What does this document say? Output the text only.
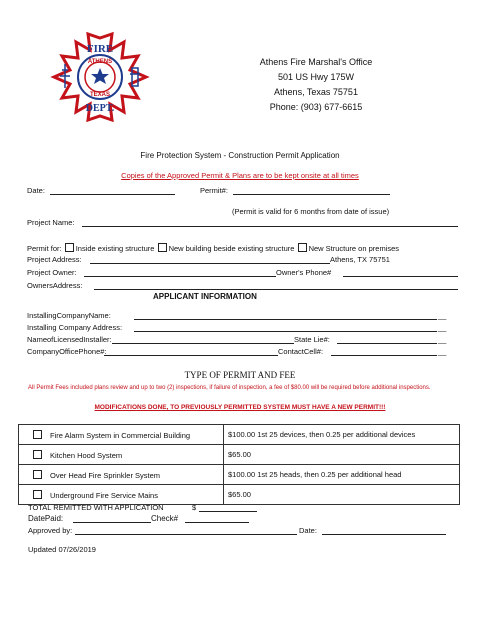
FIRE
ATHENS
TEXAS
DEPT.
Athens Fire Marshal's Office
501 US Hwy 175W
Athens, Texas 75751
Phone: (903) 677-6615
Fire Protection System - Construction Permit Application
Copies of the Approved Permit & Plans are to be kept onsite at all times
Date:	Permit#:
(Permit is valid for 6 months from date of issue)
Project Name:
Permit for: Inside existing structure New building beside existing structure New Structure on premises
Project Address:	Athens, TX 75751
Project Owner:	Owner's Phone#
OwnersAddress:
APPLICANT INFORMATION
InstallingCompanyName:	__
Installing Company Address:	__
NameofLicensedInstaller:	State Lie#:	__
CompanyOfficePhone#:	ContactCell#:	__
TYPE OF PERMIT AND FEE
All Permit Fees included plans review and up to two (2) inspections, if failure of inspection, a fee of $80.00 will be required before additional inspections.
MODIFICATIONS DONE, TO PREVIOUSLY PERMITTED SYSTEM MUST HAVE A NEW PERMIT!!!
Fire Alarm System in Commercial Building	$100.00 1st 25 devices, then 0.25 per additional devices
Kitchen Hood System	$65.00
Over Head Fire Sprinkler System	$100.00 1st 25 heads, then 0.25 per additional head
Underground Fire Service Mains	$65.00
TOTAL REMITTED WITH APPLICATION	$
DatePaid:	Check#
Approved by:	Date:
Updated 07/26/2019
